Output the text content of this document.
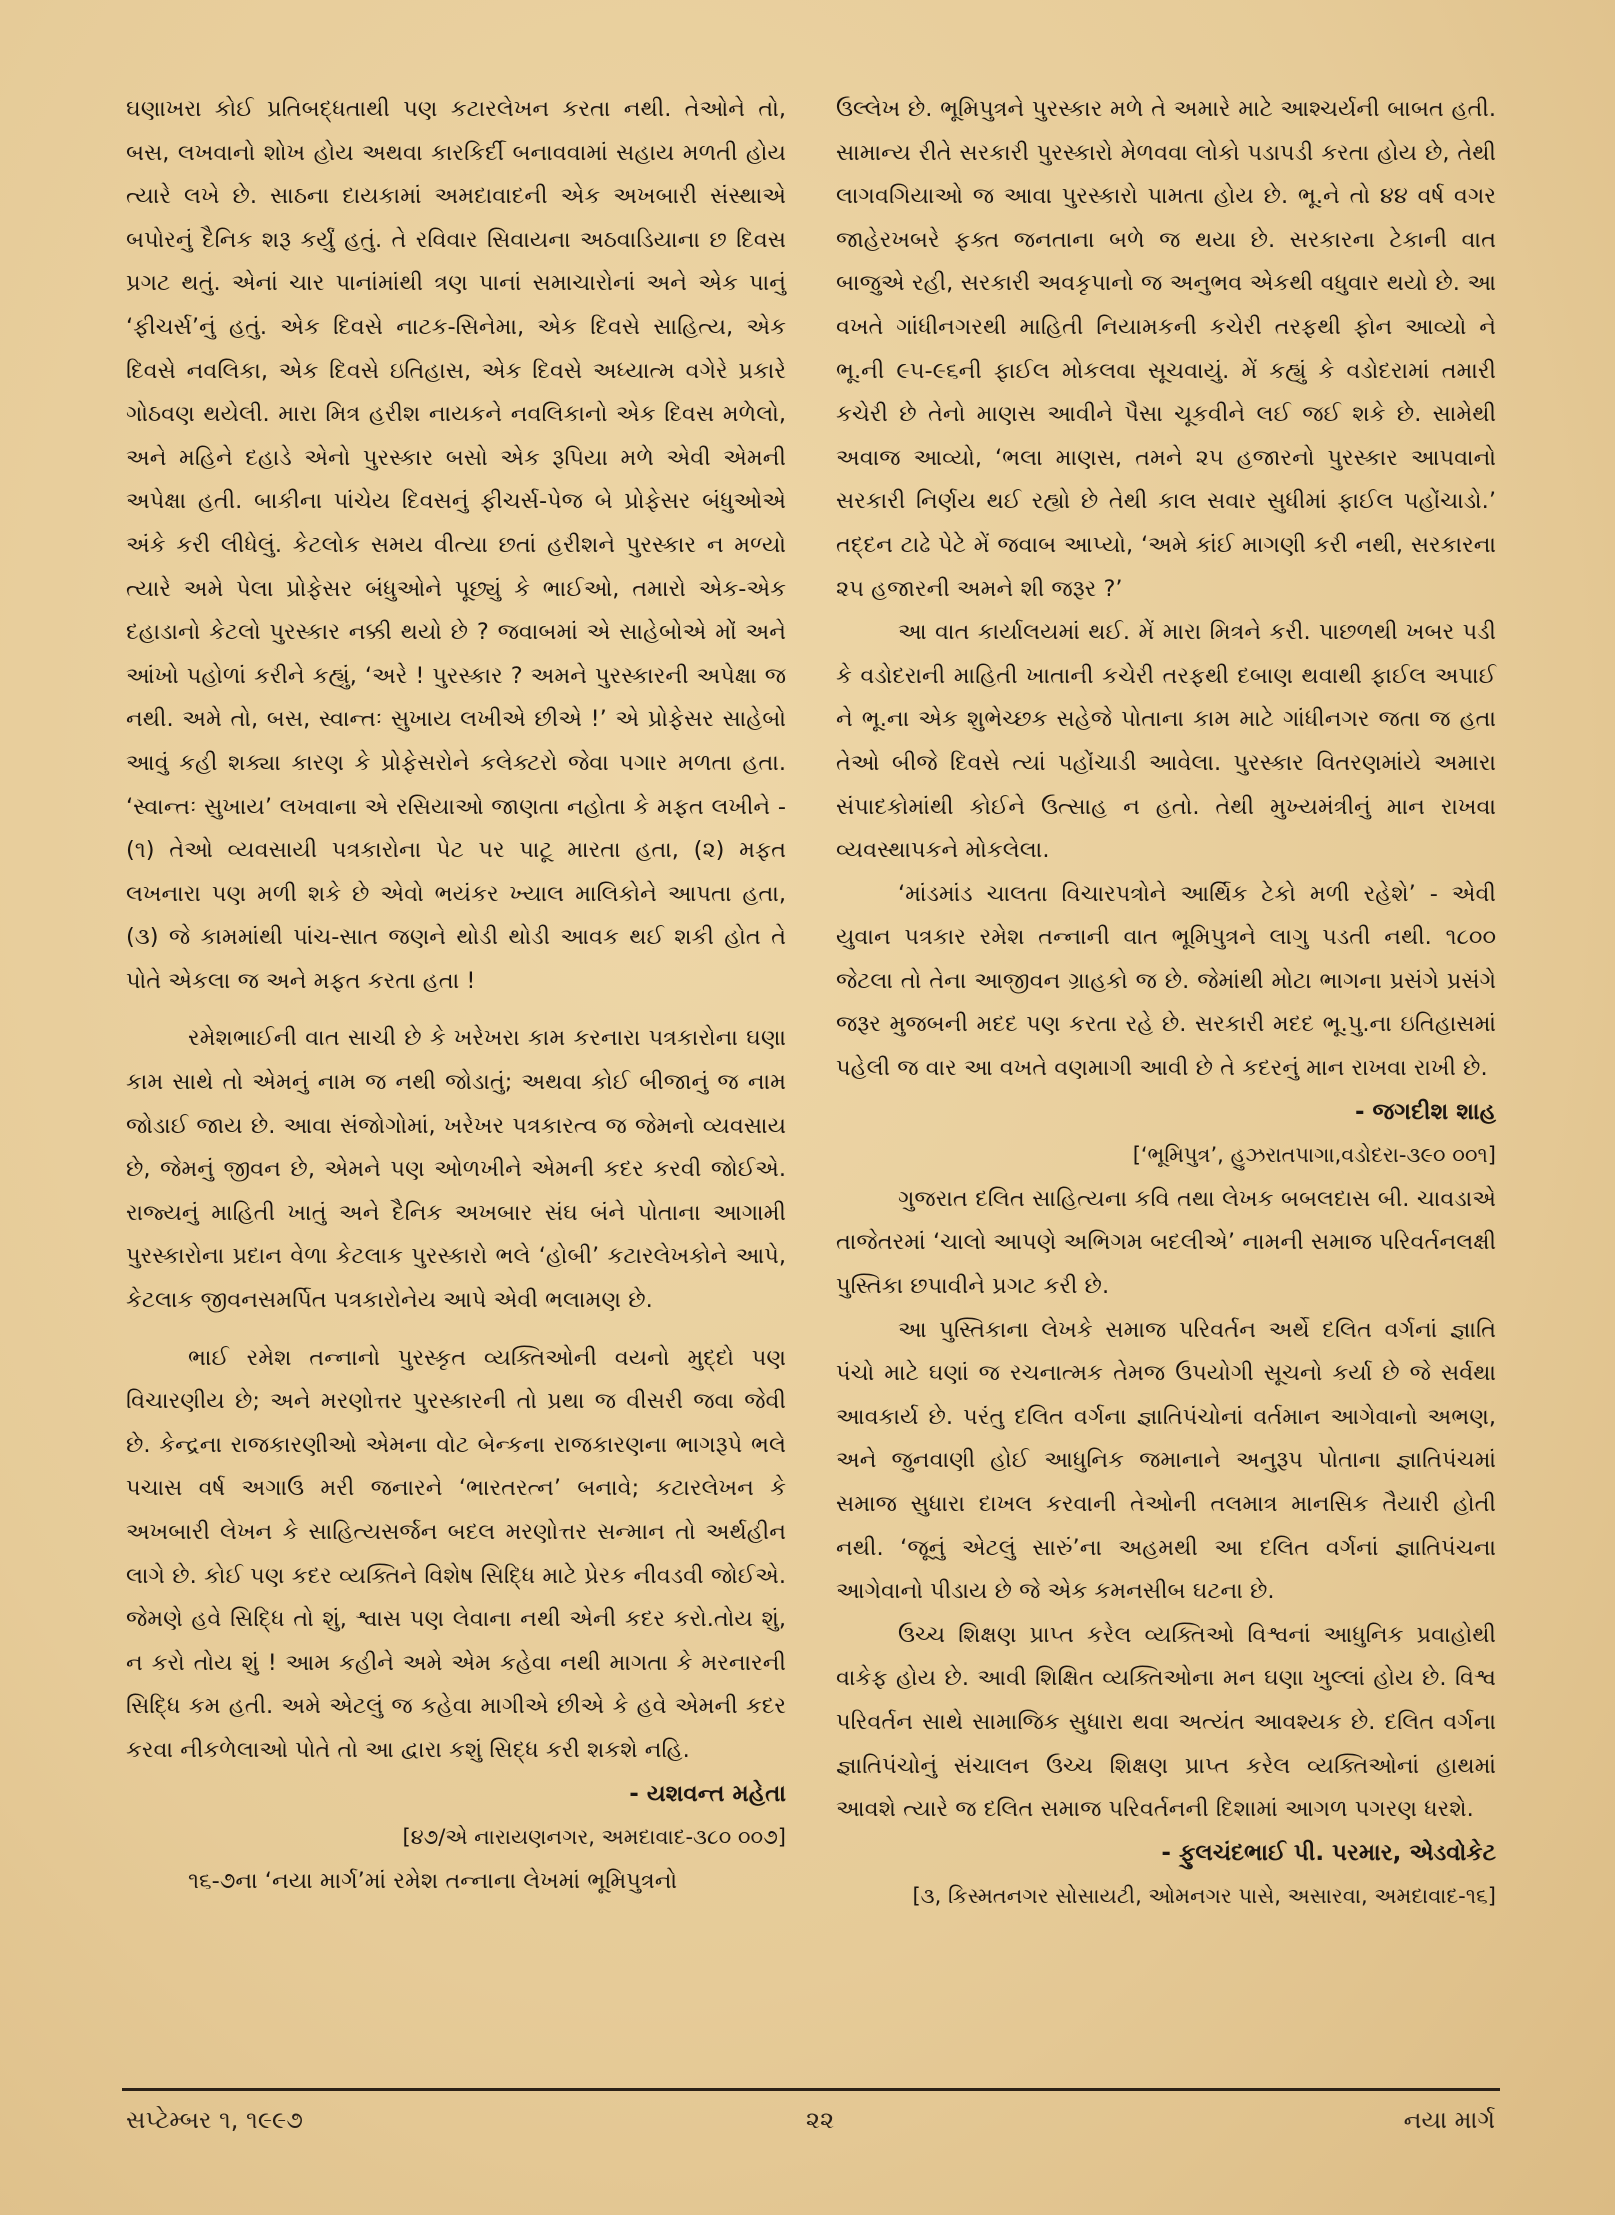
ઘણાખરા કોઈ પ્રતિબદ્ધતાથી પણ કટારલેખન કરતા નથી. તેઓને તો, બસ, લખવાનો શોખ હોય અથવા કારકિર્દી બનાવવામાં સહાય મળતી હોય ત્યારે લખે છે. સાઠના દાયકામાં અમદાવાદની એક અખબારી સંસ્થાએ બપોરનું દૈનિક શરૂ કર્યું હતું. તે રવિવાર સિવાયના અઠવાડિયાના છ દિવસ પ્રગટ થતું. એનાં ચાર પાનાંમાંથી ત્રણ પાનાં સમાચારોનાં અને એક પાનું ‘ફીચર્સ’નું હતું. એક દિવસે નાટક-સિનેમા, એક દિવસે સાહિત્ય, એક દિવસે નવલિકા, એક દિવસે ઇતિહાસ, એક દિવસે અધ્યાત્મ વગેરે પ્રકારે ગોઠવણ થયેલી. મારા મિત્ર હરીશ નાયકને નવલિકાનો એક દિવસ મળેલો, અને મહિને દહાડે એનો પુરસ્કાર બસો એક રૂપિયા મળે એવી એમની અપેક્ષા હતી. બાકીના પાંચેય દિવસનું ફીચર્સ-પેજ બે પ્રોફેસર બંધુઓએ અંકે કરી લીધેલું. કેટલોક સમય વીત્યા છતાં હરીશને પુરસ્કાર ન મળ્યો ત્યારે અમે પેલા પ્રોફેસર બંધુઓને પૂછ્યું કે ભાઈઓ, તમારો એક-એક દહાડાનો કેટલો પુરસ્કાર નક્કી થયો છે ? જવાબમાં એ સાહેબોએ મોં અને આંખો પહોળાં કરીને કહ્યું, ‘અરે ! પુરસ્કાર ? અમને પુરસ્કારની અપેક્ષા જ નથી. અમે તો, બસ, સ્વાન્તઃ સુખાય લખીએ છીએ !’ એ પ્રોફેસર સાહેબો આવું કહી શક્યા કારણ કે પ્રોફેસરોને કલેક્ટરો જેવા પગાર મળતા હતા. ‘સ્વાન્તઃ સુખાય’ લખવાના એ રસિયાઓ જાણતા નહોતા કે મફત લખીને - (૧) તેઓ વ્યવસાયી પત્રકારોના પેટ પર પાટૂ મારતા હતા, (૨) મફત લખનારા પણ મળી શકે છે એવો ભયંકર ખ્યાલ માલિકોને આપતા હતા, (૩) જે કામમાંથી પાંચ-સાત જણને થોડી થોડી આવક થઈ શકી હોત તે પોતે એકલા જ અને મફત કરતા હતા !

રમેશભાઈની વાત સાચી છે કે ખરેખરા કામ કરનારા પત્રકારોના ઘણા કામ સાથે તો એમનું નામ જ નથી જોડાતું; અથવા કોઈ બીજાનું જ નામ જોડાઈ જાય છે. આવા સંજોગોમાં, ખરેખર પત્રકારત્વ જ જેમનો વ્યવસાય છે, જેમનું જીવન છે, એમને પણ ઓળખીને એમની કદર કરવી જોઈએ. રાજ્યનું માહિતી ખાતું અને દૈનિક અખબાર સંઘ બંને પોતાના આગામી પુરસ્કારોના પ્રદાન વેળા કેટલાક પુરસ્કારો ભલે ‘હોબી’ કટારલેખકોને આપે, કેટલાક જીવનસમર્પિત પત્રકારોનેય આપે એવી ભલામણ છે.

ભાઈ રમેશ તન્નાનો પુરસ્કૃત વ્યક્તિઓની વયનો મુદ્દો પણ વિચારણીય છે; અને મરણોત્તર પુરસ્કારની તો પ્રથા જ વીસરી જવા જેવી છે. કેન્દ્રના રાજકારણીઓ એમના વોટ બેન્કના રાજકારણના ભાગરૂપે ભલે પચાસ વર્ષ અગાઉ મરી જનારને ‘ભારતરત્ન’ બનાવે; કટારલેખન કે અખબારી લેખન કે સાહિત્યસર્જન બદલ મરણોત્તર સન્માન તો અર્થહીન લાગે છે. કોઈ પણ કદર વ્યક્તિને વિશેષ સિદ્ધિ માટે પ્રેરક નીવડવી જોઈએ. જેમણે હવે સિદ્ધિ તો શું, શ્વાસ પણ લેવાના નથી એની કદર કરો.તોય શું, ન કરો તોય શું ! આમ કહીને અમે એમ કહેવા નથી માગતા કે મરનારની સિદ્ધિ કમ હતી. અમે એટલું જ કહેવા માગીએ છીએ કે હવે એમની કદર કરવા નીકળેલાઓ પોતે તો આ દ્વારા કશું સિદ્ધ કરી શકશે નહિ.

- યશવન્ત મહેતા

[૪૭/એ નારાયણનગર, અમદાવાદ-૩૮૦ ૦૦૭]

૧૬-૭ના ‘નયા માર્ગ’માં રમેશ તન્નાના લેખમાં ભૂમિપુત્રનો

ઉલ્લેખ છે. ભૂમિપુત્રને પુરસ્કાર મળે તે અમારે માટે આશ્ચર્યની બાબત હતી. સામાન્ય રીતે સરકારી પુરસ્કારો મેળવવા લોકો પડાપડી કરતા હોય છે, તેથી લાગવગિયાઓ જ આવા પુરસ્કારો પામતા હોય છે. ભૂ.ને તો ૪૪ વર્ષ વગર જાહેરખબરે ફક્ત જનતાના બળે જ થયા છે. સરકારના ટેકાની વાત બાજુએ રહી, સરકારી અવકૃપાનો જ અનુભવ એકથી વધુવાર થયો છે. આ વખતે ગાંધીનગરથી માહિતી નિયામકની કચેરી તરફથી ફોન આવ્યો ને ભૂ.ની ૯૫-૯૬ની ફાઈલ મોકલવા સૂચવાયું. મેં કહ્યું કે વડોદરામાં તમારી કચેરી છે તેનો માણસ આવીને પૈસા ચૂકવીને લઈ જઈ શકે છે. સામેથી અવાજ આવ્યો, ‘ભલા માણસ, તમને ૨૫ હજારનો પુરસ્કાર આપવાનો સરકારી નિર્ણય થઈ રહ્યો છે તેથી કાલ સવાર સુધીમાં ફાઈલ પહોંચાડો.’ તદ્દન ટાઢે પેટે મેં જવાબ આપ્યો, ‘અમે કાંઈ માગણી કરી નથી, સરકારના ૨૫ હજારની અમને શી જરૂર ?’

આ વાત કાર્યાલયમાં થઈ. મેં મારા મિત્રને કરી. પાછળથી ખબર પડી કે વડોદરાની માહિતી ખાતાની કચેરી તરફથી દબાણ થવાથી ફાઈલ અપાઈ ને ભૂ.ના એક શુભેચ્છક સહેજે પોતાના કામ માટે ગાંધીનગર જતા જ હતા તેઓ બીજે દિવસે ત્યાં પહોંચાડી આવેલા. પુરસ્કાર વિતરણમાંયે અમારા સંપાદકોમાંથી કોઈને ઉત્સાહ ન હતો. તેથી મુખ્યમંત્રીનું માન રાખવા વ્યવસ્થાપકને મોકલેલા.

‘માંડમાંડ ચાલતા વિચારપત્રોને આર્થિક ટેકો મળી રહેશે’ - એવી યુવાન પત્રકાર રમેશ તન્નાની વાત ભૂમિપુત્રને લાગુ પડતી નથી. ૧૮૦૦ જેટલા તો તેના આજીવન ગ્રાહકો જ છે. જેમાંથી મોટા ભાગના પ્રસંગે પ્રસંગે જરૂર મુજબની મદદ પણ કરતા રહે છે. સરકારી મદદ ભૂ.પુ.ના ઇતિહાસમાં પહેલી જ વાર આ વખતે વણમાગી આવી છે તે કદરનું માન રાખવા રાખી છે.

- જગદીશ શાહ

[‘ભૂમિપુત્ર’, હુઝરાતપાગા,વડોદરા-૩૯૦ ૦૦૧]

ગુજરાત દલિત સાહિત્યના કવિ તથા લેખક બબલદાસ બી. ચાવડાએ તાજેતરમાં ‘ચાલો આપણે અભિગમ બદલીએ’ નામની સમાજ પરિવર્તનલક્ષી પુસ્તિકા છપાવીને પ્રગટ કરી છે.

આ પુસ્તિકાના લેખકે સમાજ પરિવર્તન અર્થે દલિત વર્ગનાં જ્ઞાતિ પંચો માટે ઘણાં જ રચનાત્મક તેમજ ઉપયોગી સૂચનો કર્યા છે જે સર્વથા આવકાર્ય છે. પરંતુ દલિત વર્ગના જ્ઞાતિપંચોનાં વર્તમાન આગેવાનો અભણ, અને જુનવાણી હોઈ આધુનિક જમાનાને અનુરૂપ પોતાના જ્ઞાતિપંચમાં સમાજ સુધારા દાખલ કરવાની તેઓની તલમાત્ર માનસિક તૈયારી હોતી નથી. ‘જૂનું એટલું સારું’ના અહમથી આ દલિત વર્ગનાં જ્ઞાતિપંચના આગેવાનો પીડાય છે જે એક કમનસીબ ઘટના છે.

ઉચ્ચ શિક્ષણ પ્રાપ્ત કરેલ વ્યક્તિઓ વિશ્વનાં આધુનિક પ્રવાહોથી વાકેફ હોય છે. આવી શિક્ષિત વ્યક્તિઓના મન ઘણા ખુલ્લાં હોય છે. વિશ્વ પરિવર્તન સાથે સામાજિક સુધારા થવા અત્યંત આવશ્યક છે. દલિત વર્ગના જ્ઞાતિપંચોનું સંચાલન ઉચ્ચ શિક્ષણ પ્રાપ્ત કરેલ વ્યક્તિઓનાં હાથમાં આવશે ત્યારે જ દલિત સમાજ પરિવર્તનની દિશામાં આગળ પગરણ ધરશે.

- ફુલચંદભાઈ પી. પરમાર, એડવોકેટ

[૩, કિસ્મતનગર સોસાયટી, ઓમનગર પાસે, અસારવા, અમદાવાદ-૧૬]

સપ્ટેમ્બર ૧, ૧૯૯૭	૨૨	નયા માર્ગ
